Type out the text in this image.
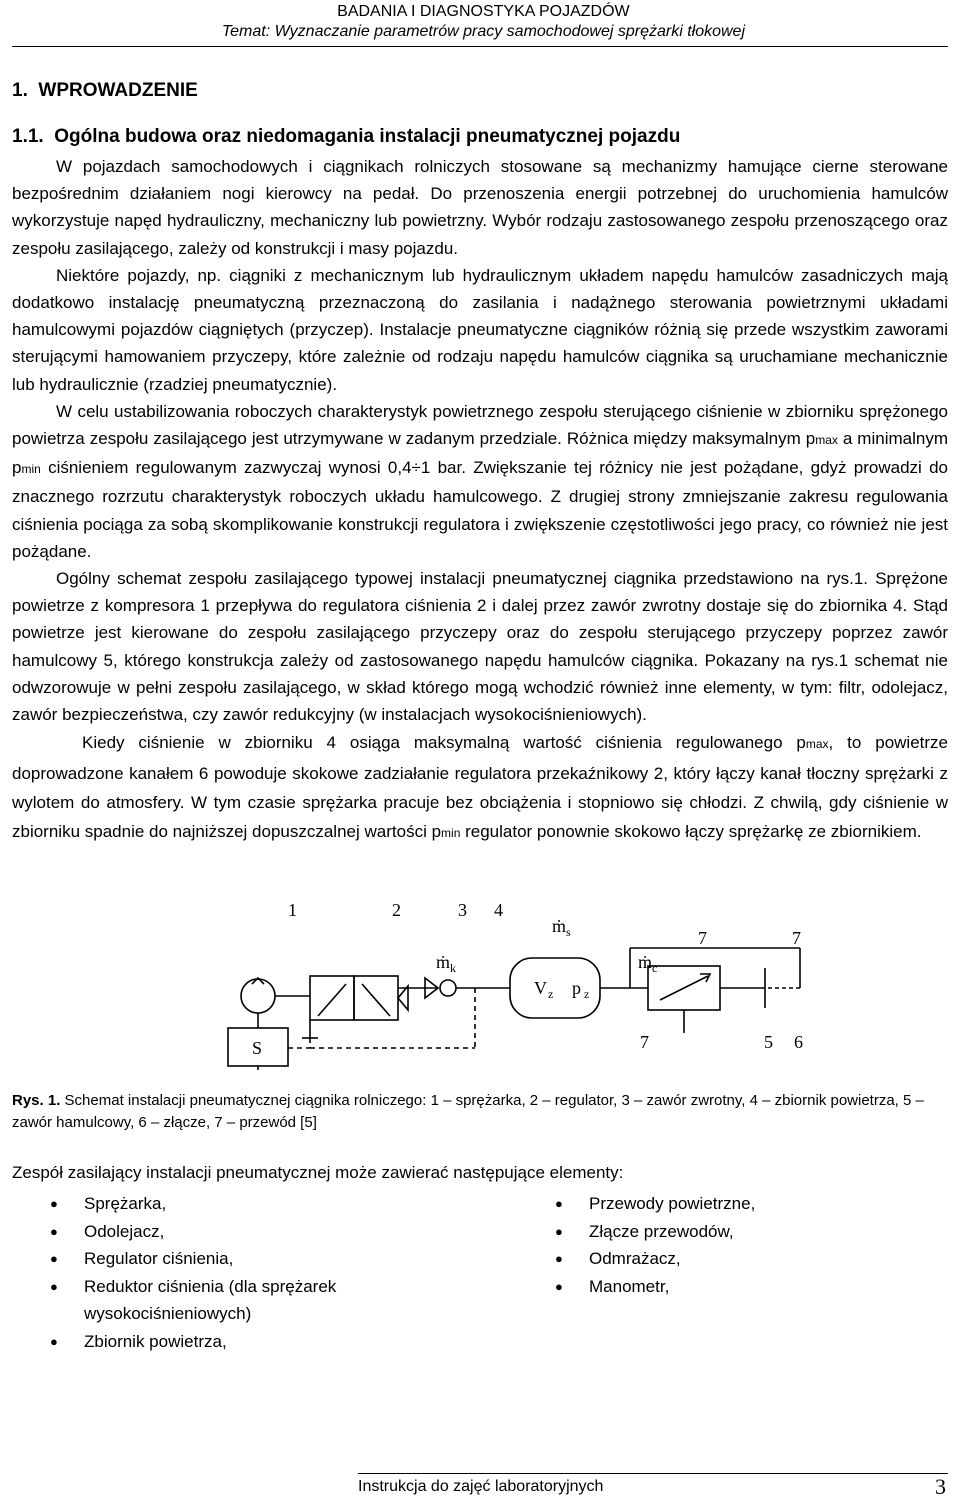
BADANIA I DIAGNOSTYKA POJAZDÓW
Temat: Wyznaczanie parametrów pracy samochodowej sprężarki tłokowej
1.  WPROWADZENIE
1.1.  Ogólna budowa oraz niedomagania instalacji pneumatycznej pojazdu

W pojazdach samochodowych i ciągnikach rolniczych stosowane są mechanizmy hamujące cierne sterowane bezpośrednim działaniem nogi kierowcy na pedał. Do przenoszenia energii potrzebnej do uruchomienia hamulców wykorzystuje napęd hydrauliczny, mechaniczny lub powietrzny. Wybór rodzaju zastosowanego zespołu przenoszącego oraz zespołu zasilającego, zależy od konstrukcji i masy pojazdu.

Niektóre pojazdy, np. ciągniki z mechanicznym lub hydraulicznym układem napędu hamulców zasadniczych mają dodatkowo instalację pneumatyczną przeznaczoną do zasilania i nadążnego sterowania powietrznymi układami hamulcowymi pojazdów ciągniętych (przyczep). Instalacje pneumatyczne ciągników różnią się przede wszystkim zaworami sterującymi hamowaniem przyczepy, które zależnie od rodzaju napędu hamulców ciągnika są uruchamiane mechanicznie lub hydraulicznie (rzadziej pneumatycznie).

W celu ustabilizowania roboczych charakterystyk powietrznego zespołu sterującego ciśnienie w zbiorniku sprężonego powietrza zespołu zasilającego jest utrzymywane w zadanym przedziale. Różnica między maksymalnym pmax a minimalnym pmin ciśnieniem regulowanym zazwyczaj wynosi 0,4÷1 bar. Zwiększanie tej różnicy nie jest pożądane, gdyż prowadzi do znacznego rozrzutu charakterystyk roboczych układu hamulcowego. Z drugiej strony zmniejszanie zakresu regulowania ciśnienia pociąga za sobą skomplikowanie konstrukcji regulatora i zwiększenie częstotliwości jego pracy, co również nie jest pożądane.

Ogólny schemat zespołu zasilającego typowej instalacji pneumatycznej ciągnika przedstawiono na rys.1. Sprężone powietrze z kompresora 1 przepływa do regulatora ciśnienia 2 i dalej przez zawór zwrotny dostaje się do zbiornika 4. Stąd powietrze jest kierowane do zespołu zasilającego przyczepy oraz do zespołu sterującego przyczepy poprzez zawór hamulcowy 5, którego konstrukcja zależy od zastosowanego napędu hamulców ciągnika. Pokazany na rys.1 schemat nie odwzorowuje w pełni zespołu zasilającego, w skład którego mogą wchodzić również inne elementy, w tym: filtr, odolejacz, zawór bezpieczeństwa, czy zawór redukcyjny (w instalacjach wysokociśnieniowych).

Kiedy ciśnienie w zbiorniku 4 osiąga maksymalną wartość ciśnienia regulowanego pmax, to powietrze doprowadzone kanałem 6 powoduje skokowe zadziałanie regulatora przekaźnikowy 2, który łączy kanał tłoczny sprężarki z wylotem do atmosfery. W tym czasie sprężarka pracuje bez obciążenia i stopniowo się chłodzi. Z chwilą, gdy ciśnienie w zbiorniku spadnie do najniższej dopuszczalnej wartości pmin regulator ponownie skokowo łączy sprężarkę ze zbiornikiem.

1	2	3 4
ṁ s
ṁ k
V z p z
ṁ c
7	7
7	5 6
S
Rys. 1. Schemat instalacji pneumatycznej ciągnika rolniczego: 1 – sprężarka, 2 – regulator, 3 – zawór zwrotny, 4 – zbiornik powietrza, 5 – zawór hamulcowy, 6 – złącze, 7 – przewód [5]
Zespół zasilający instalacji pneumatycznej może zawierać następujące elementy:
● Sprężarka,
● Odolejacz,
● Regulator ciśnienia,
● Reduktor ciśnienia (dla sprężarek wysokociśnieniowych)
● Zbiornik powietrza,
● Przewody powietrzne,
● Złącze przewodów,
● Odmrażacz,
● Manometr,
Instrukcja do zajęć laboratoryjnych	3
